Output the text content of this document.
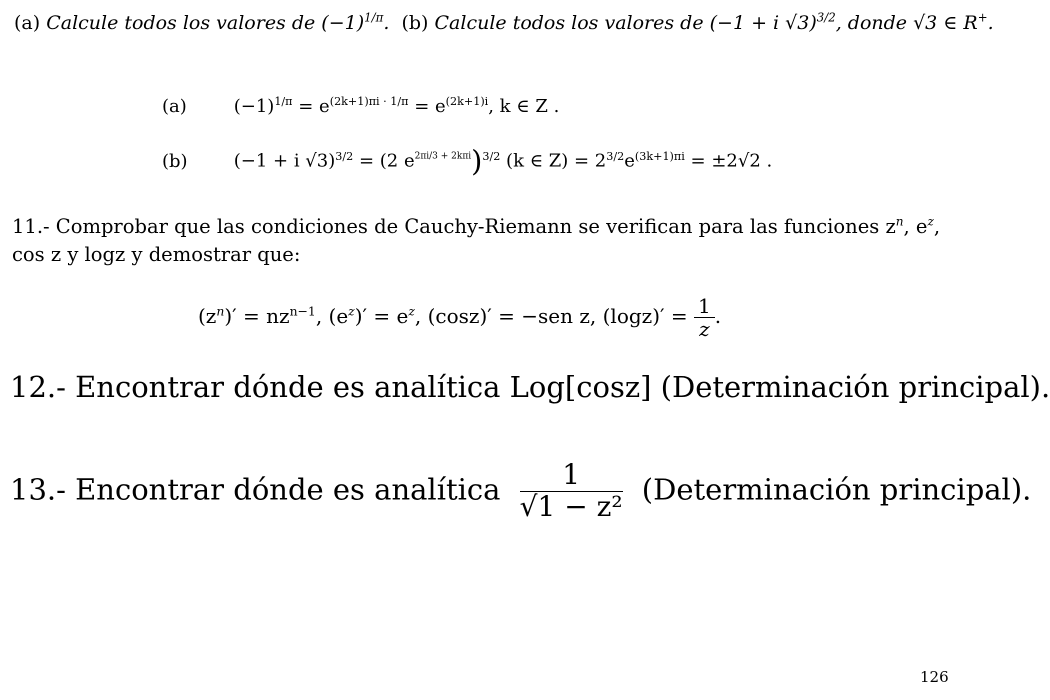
(a) Calcule todos los valores de $(-1)^{1/\pi}$. (b) Calcule todos los valores de (−1 + i √3)$^{3/2}$, donde √3 ∈ R+.
(a)	$(-1)^{1/\pi} = e^{(2k+1)\pi i \cdot 1/\pi} = e^{(2k+1)i}$, k ∈ Z .
(b)	(−1 + i √3)$^{3/2}$ = (2 $e^{2\pi i/3 + 2k\pi i})^{3/2}$ (k ∈ $Z) = 2^{3/2}e^{(3k+1)\pi i} = \pm 2√2$ .
11.- Comprobar que las condiciones de Cauchy-Riemann se verifican para las funciones $z^n$, $e^z$,
cos z y logz y demostrar que:
$(z^n)' = nz^{n-1}$, $(e^z)' = e^z$, (cosz)′ = −sen z, $(\log z)' = \frac{1}{z}$ .
12.- Encontrar dónde es analítica Log[cosz] (Determinación principal).
13.- Encontrar dónde es analítica $\frac{1}{\text{√1 − z²}}$ (Determinación principal).
126
